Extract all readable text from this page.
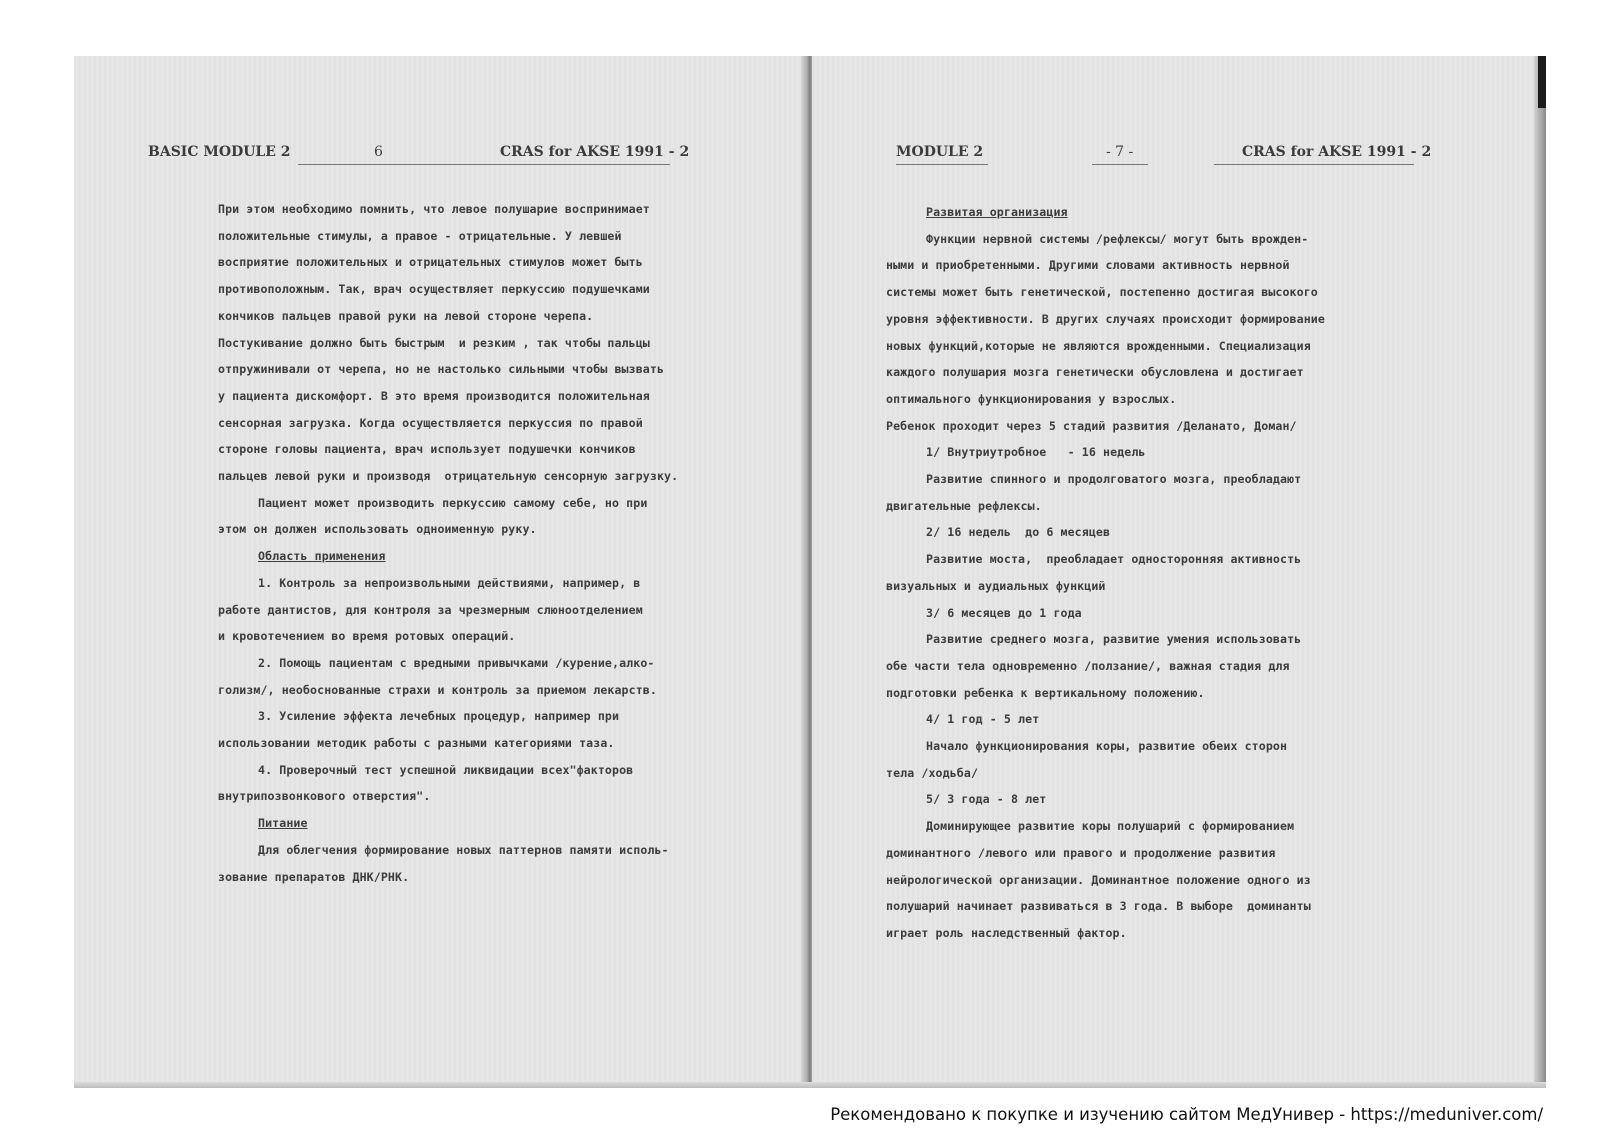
BASIC MODULE 2	6	CRAS for AKSE 1991 - 2

При этом необходимо помнить, что левое полушарие воспринимает

положительные стимулы, а правое - отрицательные. У левшей

восприятие положительных и отрицательных стимулов может быть

противоположным. Так, врач осуществляет перкуссию подушечками

кончиков пальцев правой руки на левой стороне черепа.

Постукивание должно быть быстрым  и резким , так чтобы пальцы

отпружинивали от черепа, но не настолько сильными чтобы вызвать

у пациента дискомфорт. В это время производится положительная

сенсорная загрузка. Когда осуществляется перкуссия по правой

стороне головы пациента, врач использует подушечки кончиков

пальцев левой руки и производя  отрицательную сенсорную загрузку.

Пациент может производить перкуссию самому себе, но при

этом он должен использовать одноименную руку.

Область применения

1. Контроль за непроизвольными действиями, например, в

работе дантистов, для контроля за чрезмерным слюноотделением

и кровотечением во время ротовых операций.

2. Помощь пациентам с вредными привычками /курение,алко-

голизм/, необоснованные страхи и контроль за приемом лекарств.

3. Усиление эффекта лечебных процедур, например при

использовании методик работы с разными категориями таза.

4. Проверочный тест успешной ликвидации всех"факторов

внутрипозвонкового отверстия".

Питание

Для облегчения формирование новых паттернов памяти исполь-

зование препаратов ДНК/РНК.

MODULE 2	- 7 -	CRAS for AKSE 1991 - 2

Развитая организация

Функции нервной системы /рефлексы/ могут быть врожден-

ными и приобретенными. Другими словами активность нервной

системы может быть генетической, постепенно достигая высокого

уровня эффективности. В других случаях происходит формирование

новых функций,которые не являются врожденными. Специализация

каждого полушария мозга генетически обусловлена и достигает

оптимального функционирования у взрослых.

Ребенок проходит через 5 стадий развития /Деланато, Доман/

1/ Внутриутробное   - 16 недель

Развитие спинного и продолговатого мозга, преобладают

двигательные рефлексы.

2/ 16 недель  до 6 месяцев

Развитие моста,  преобладает односторонняя активность

визуальных и аудиальных функций

3/ 6 месяцев до 1 года

Развитие среднего мозга, развитие умения использовать

обе части тела одновременно /ползание/, важная стадия для

подготовки ребенка к вертикальному положению.

4/ 1 год - 5 лет

Начало функционирования коры, развитие обеих сторон

тела /ходьба/

5/ 3 года - 8 лет

Доминирующее развитие коры полушарий с формированием

доминантного /левого или правого и продолжение развития

нейрологической организации. Доминантное положение одного из

полушарий начинает развиваться в 3 года. В выборе  доминанты

играет роль наследственный фактор.

Рекомендовано к покупке и изучению сайтом МедУнивер - https://meduniver.com/
